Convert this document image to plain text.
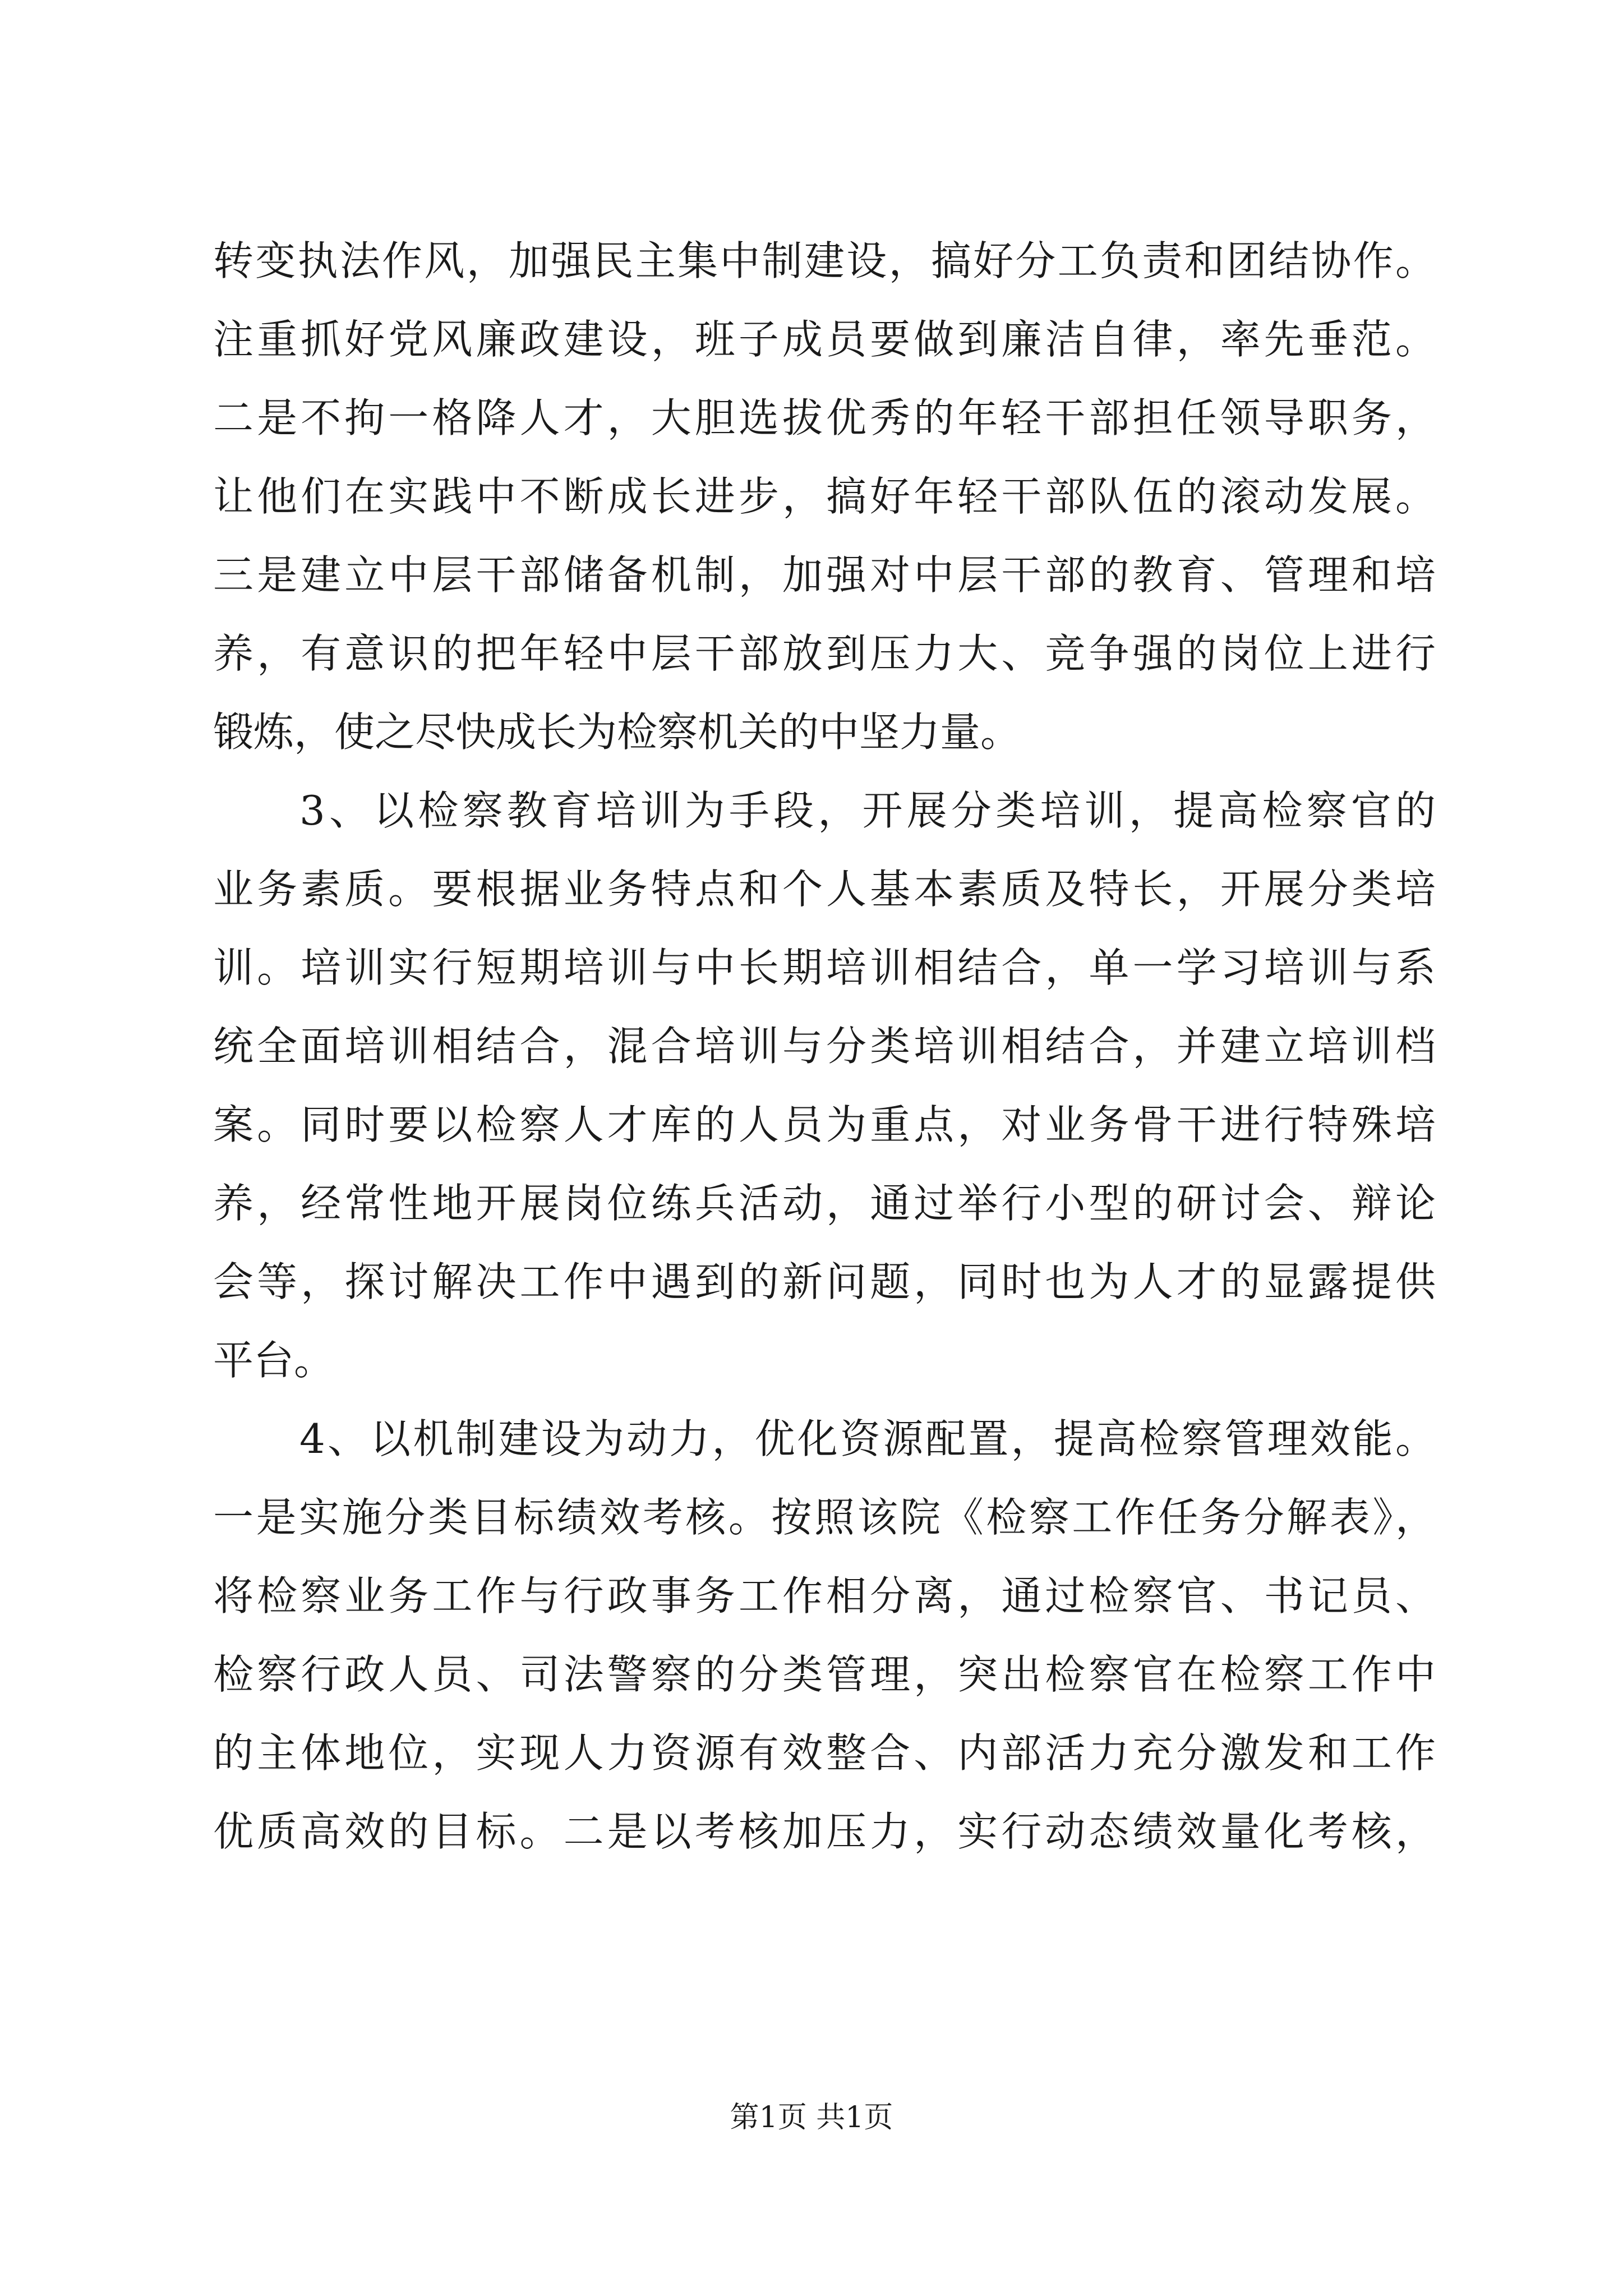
转变执法作风，加强民主集中制建设，搞好分工负责和团结协作。
注重抓好党风廉政建设，班子成员要做到廉洁自律，率先垂范。
二是不拘一格降人才，大胆选拔优秀的年轻干部担任领导职务，
让他们在实践中不断成长进步，搞好年轻干部队伍的滚动发展。
三是建立中层干部储备机制，加强对中层干部的教育、管理和培
养，有意识的把年轻中层干部放到压力大、竞争强的岗位上进行
锻炼，使之尽快成长为检察机关的中坚力量。
3、以检察教育培训为手段，开展分类培训，提高检察官的
业务素质。要根据业务特点和个人基本素质及特长，开展分类培
训。培训实行短期培训与中长期培训相结合，单一学习培训与系
统全面培训相结合，混合培训与分类培训相结合，并建立培训档
案。同时要以检察人才库的人员为重点，对业务骨干进行特殊培
养，经常性地开展岗位练兵活动，通过举行小型的研讨会、辩论
会等，探讨解决工作中遇到的新问题，同时也为人才的显露提供
平台。
4、以机制建设为动力，优化资源配置，提高检察管理效能。
一是实施分类目标绩效考核。按照该院《检察工作任务分解表》，
将检察业务工作与行政事务工作相分离，通过检察官、书记员、
检察行政人员、司法警察的分类管理，突出检察官在检察工作中
的主体地位，实现人力资源有效整合、内部活力充分激发和工作
优质高效的目标。二是以考核加压力，实行动态绩效量化考核，
第1页 共1页
